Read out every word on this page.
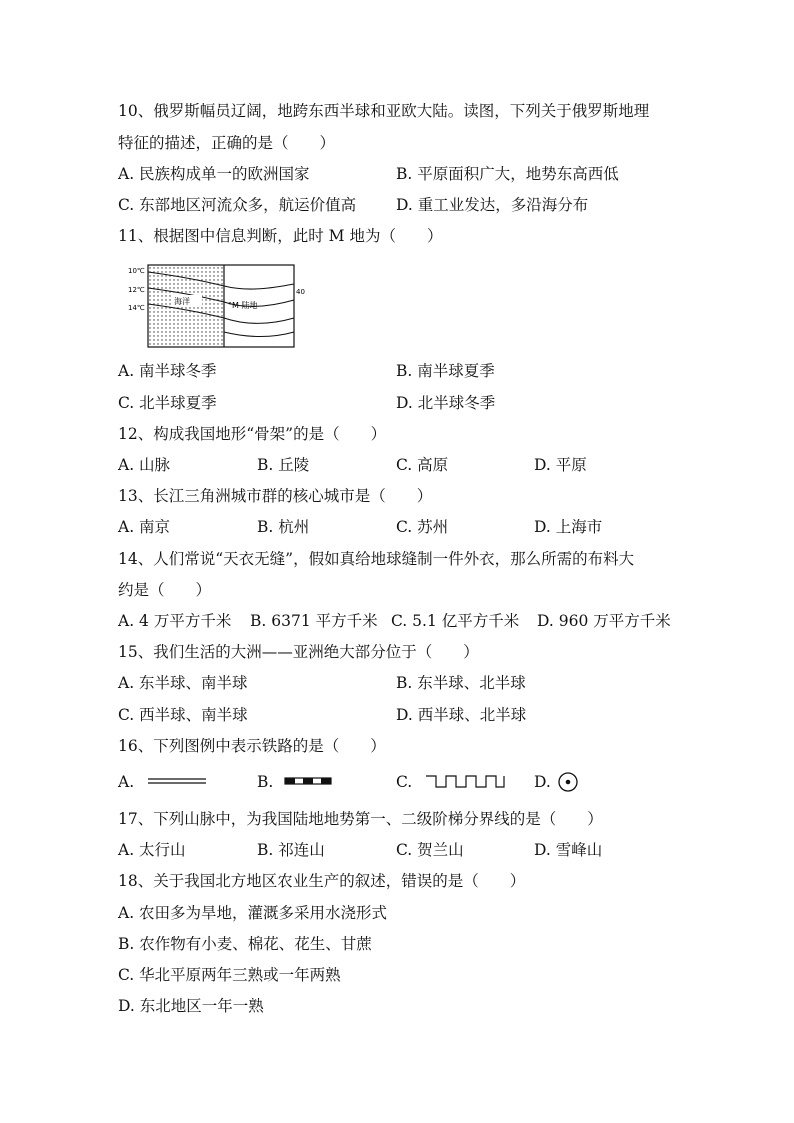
10、俄罗斯幅员辽阔，地跨东西半球和亚欧大陆。读图，下列关于俄罗斯地理
特征的描述，正确的是（　　）
A. 民族构成单一的欧洲国家	B. 平原面积广大，地势东高西低
C. 东部地区河流众多，航运价值高	D. 重工业发达，多沿海分布
11、根据图中信息判断，此时 M 地为（　　）
10℃
12℃
14℃
海洋	°M 陆地
40
A. 南半球冬季	B. 南半球夏季
C. 北半球夏季	D. 北半球冬季
12、构成我国地形“骨架”的是（　　）
A. 山脉	B. 丘陵	C. 高原	D. 平原
13、长江三角洲城市群的核心城市是（　　）
A. 南京	B. 杭州	C. 苏州	D. 上海市
14、人们常说“天衣无缝”，假如真给地球缝制一件外衣，那么所需的布料大
约是（　　）
A. 4 万平方千米 B. 6371 平方千米 C. 5.1 亿平方千米 D. 960 万平方千米
15、我们生活的大洲——亚洲绝大部分位于（　　）
A. 东半球、南半球	B. 东半球、北半球
C. 西半球、南半球	D. 西半球、北半球
16、下列图例中表示铁路的是（　　）
A.	B.	C.	D.
17、下列山脉中，为我国陆地地势第一、二级阶梯分界线的是（　　）
A. 太行山	B. 祁连山	C. 贺兰山	D. 雪峰山
18、关于我国北方地区农业生产的叙述，错误的是（　　）
A. 农田多为旱地，灌溉多采用水浇形式
B. 农作物有小麦、棉花、花生、甘蔗
C. 华北平原两年三熟或一年两熟
D. 东北地区一年一熟
